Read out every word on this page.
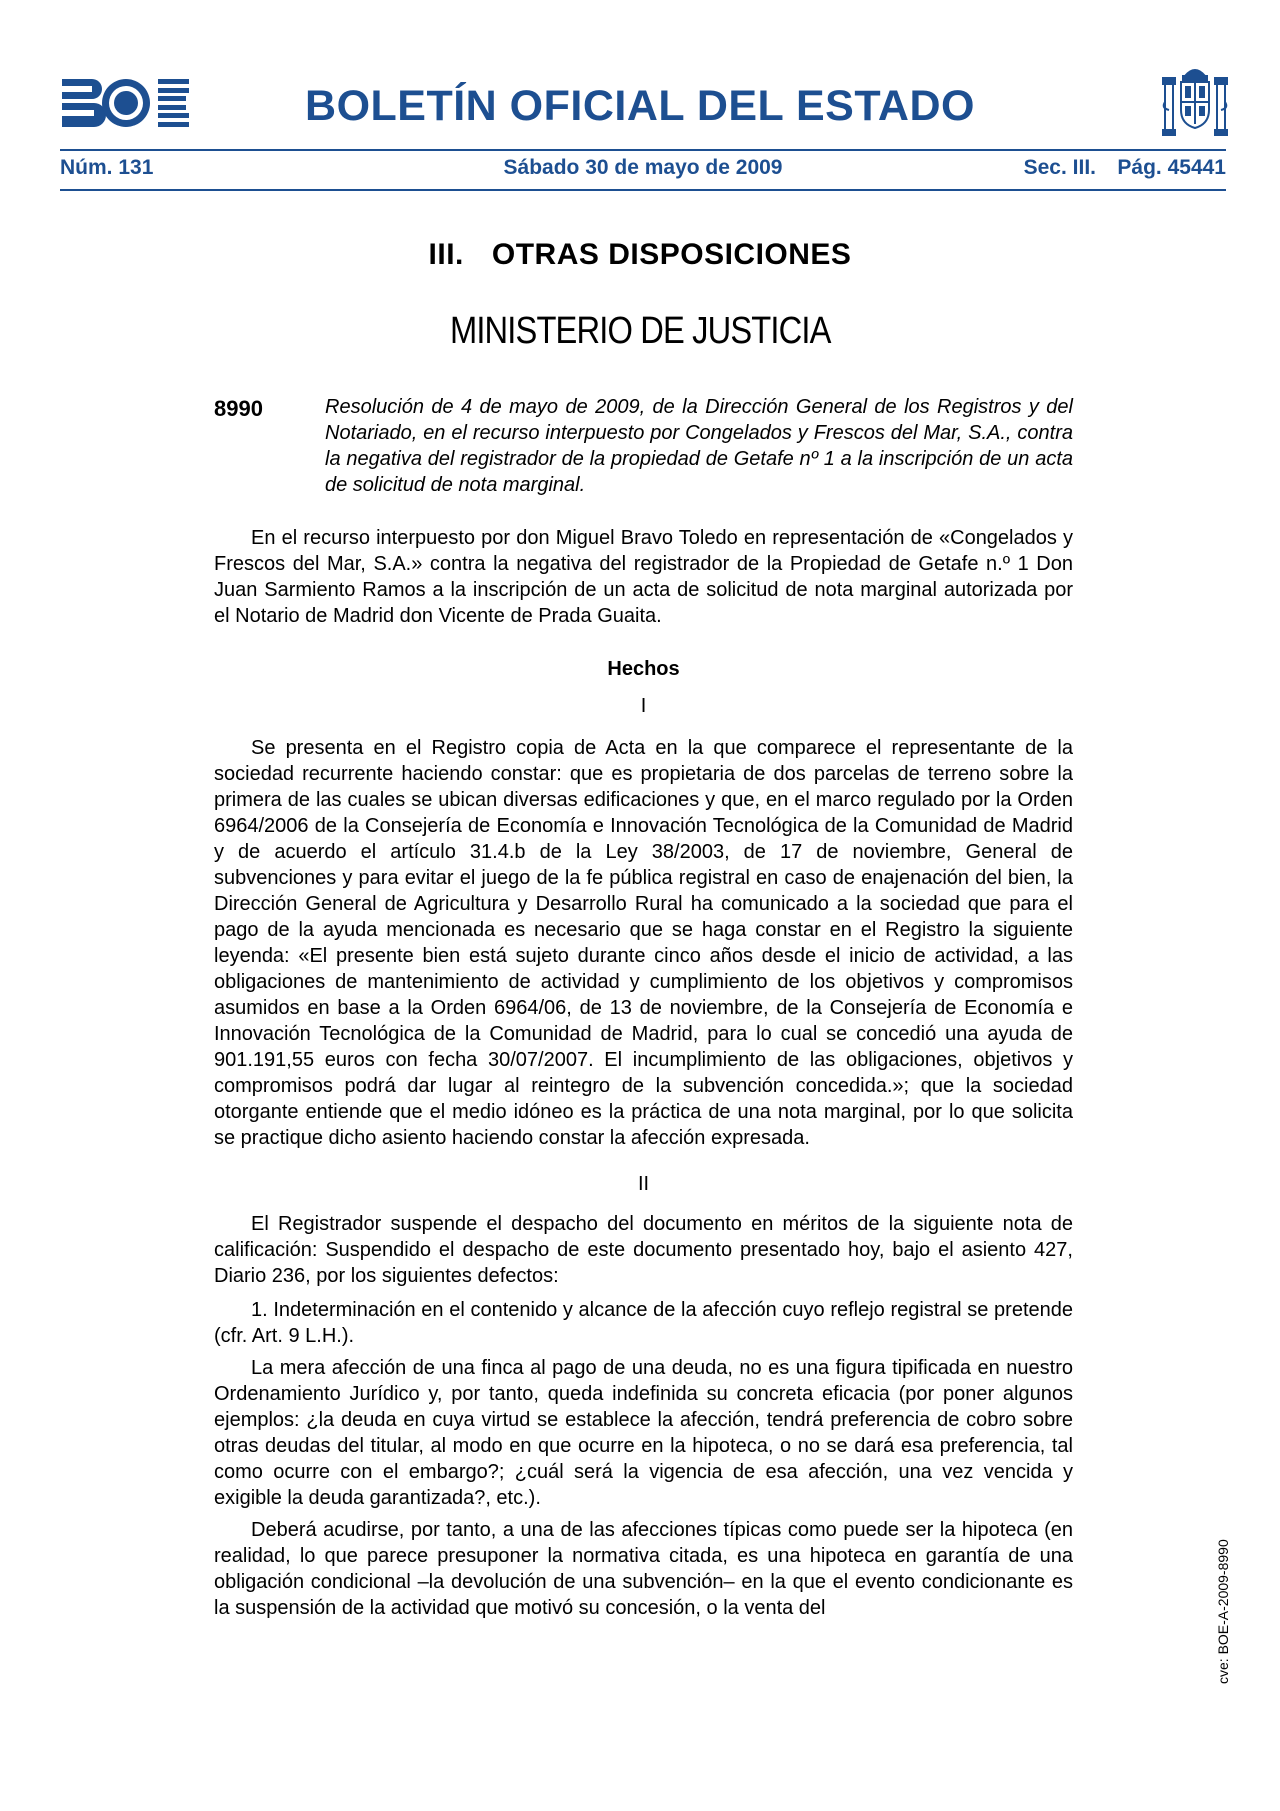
BOLETÍN OFICIAL DEL ESTADO
Núm. 131	Sábado 30 de mayo de 2009	Sec. III. Pág. 45441
III. OTRAS DISPOSICIONES
MINISTERIO DE JUSTICIA
8990	Resolución de 4 de mayo de 2009, de la Dirección General de los Registros y del Notariado, en el recurso interpuesto por Congelados y Frescos del Mar, S.A., contra la negativa del registrador de la propiedad de Getafe nº 1 a la inscripción de un acta de solicitud de nota marginal.

En el recurso interpuesto por don Miguel Bravo Toledo en representación de «Congelados y Frescos del Mar, S.A.» contra la negativa del registrador de la Propiedad de Getafe n.º 1 Don Juan Sarmiento Ramos a la inscripción de un acta de solicitud de nota marginal autorizada por el Notario de Madrid don Vicente de Prada Guaita.

Hechos

I

Se presenta en el Registro copia de Acta en la que comparece el representante de la sociedad recurrente haciendo constar: que es propietaria de dos parcelas de terreno sobre la primera de las cuales se ubican diversas edificaciones y que, en el marco regulado por la Orden 6964/2006 de la Consejería de Economía e Innovación Tecnológica de la Comunidad de Madrid y de acuerdo el artículo 31.4.b de la Ley 38/2003, de 17 de noviembre, General de subvenciones y para evitar el juego de la fe pública registral en caso de enajenación del bien, la Dirección General de Agricultura y Desarrollo Rural ha comunicado a la sociedad que para el pago de la ayuda mencionada es necesario que se haga constar en el Registro la siguiente leyenda: «El presente bien está sujeto durante cinco años desde el inicio de actividad, a las obligaciones de mantenimiento de actividad y cumplimiento de los objetivos y compromisos asumidos en base a la Orden 6964/06, de 13 de noviembre, de la Consejería de Economía e Innovación Tecnológica de la Comunidad de Madrid, para lo cual se concedió una ayuda de 901.191,55 euros con fecha 30/07/2007. El incumplimiento de las obligaciones, objetivos y compromisos podrá dar lugar al reintegro de la subvención concedida.»; que la sociedad otorgante entiende que el medio idóneo es la práctica de una nota marginal, por lo que solicita se practique dicho asiento haciendo constar la afección expresada.

II

El Registrador suspende el despacho del documento en méritos de la siguiente nota de calificación: Suspendido el despacho de este documento presentado hoy, bajo el asiento 427, Diario 236, por los siguientes defectos:

1. Indeterminación en el contenido y alcance de la afección cuyo reflejo registral se pretende (cfr. Art. 9 L.H.).

La mera afección de una finca al pago de una deuda, no es una figura tipificada en nuestro Ordenamiento Jurídico y, por tanto, queda indefinida su concreta eficacia (por poner algunos ejemplos: ¿la deuda en cuya virtud se establece la afección, tendrá preferencia de cobro sobre otras deudas del titular, al modo en que ocurre en la hipoteca, o no se dará esa preferencia, tal como ocurre con el embargo?; ¿cuál será la vigencia de esa afección, una vez vencida y exigible la deuda garantizada?, etc.).

Deberá acudirse, por tanto, a una de las afecciones típicas como puede ser la hipoteca (en realidad, lo que parece presuponer la normativa citada, es una hipoteca en garantía de una obligación condicional –la devolución de una subvención– en la que el evento condicionante es la suspensión de la actividad que motivó su concesión, o la venta del	cve: BOE-A-2009-8990
